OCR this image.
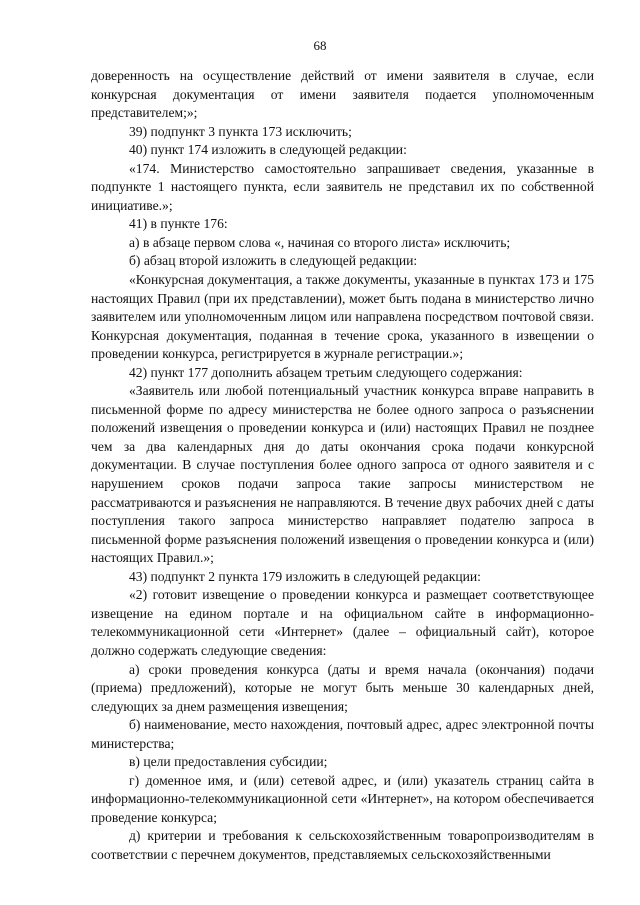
68

доверенность на осуществление действий от имени заявителя в случае, если конкурсная документация от имени заявителя подается уполномоченным представителем;»;

39) подпункт 3 пункта 173 исключить;

40) пункт 174 изложить в следующей редакции:

«174. Министерство самостоятельно запрашивает сведения, указанные в подпункте 1 настоящего пункта, если заявитель не представил их по собственной инициативе.»;

41) в пункте 176:

а) в абзаце первом слова «, начиная со второго листа» исключить;

б) абзац второй изложить в следующей редакции:

«Конкурсная документация, а также документы, указанные в пунктах 173 и 175 настоящих Правил (при их представлении), может быть подана в министерство лично заявителем или уполномоченным лицом или направлена посредством почтовой связи. Конкурсная документация, поданная в течение срока, указанного в извещении о проведении конкурса, регистрируется в журнале регистрации.»;

42) пункт 177 дополнить абзацем третьим следующего содержания:

«Заявитель или любой потенциальный участник конкурса вправе направить в письменной форме по адресу министерства не более одного запроса о разъяснении положений извещения о проведении конкурса и (или) настоящих Правил не позднее чем за два календарных дня до даты окончания срока подачи конкурсной документации. В случае поступления более одного запроса от одного заявителя и с нарушением сроков подачи запроса такие запросы министерством не рассматриваются и разъяснения не направляются. В течение двух рабочих дней с даты поступления такого запроса министерство направляет подателю запроса в письменной форме разъяснения положений извещения о проведении конкурса и (или) настоящих Правил.»;

43) подпункт 2 пункта 179 изложить в следующей редакции:

«2) готовит извещение о проведении конкурса и размещает соответствующее извещение на едином портале и на официальном сайте в информационно-телекоммуникационной сети «Интернет» (далее – официальный сайт), которое должно содержать следующие сведения:

а) сроки проведения конкурса (даты и время начала (окончания) подачи (приема) предложений), которые не могут быть меньше 30 календарных дней, следующих за днем размещения извещения;

б) наименование, место нахождения, почтовый адрес, адрес электронной почты министерства;

в) цели предоставления субсидии;

г) доменное имя, и (или) сетевой адрес, и (или) указатель страниц сайта в информационно-телекоммуникационной сети «Интернет», на котором обеспечивается проведение конкурса;

д) критерии и требования к сельскохозяйственным товаропроизводителям в соответствии с перечнем документов, представляемых сельскохозяйственными
